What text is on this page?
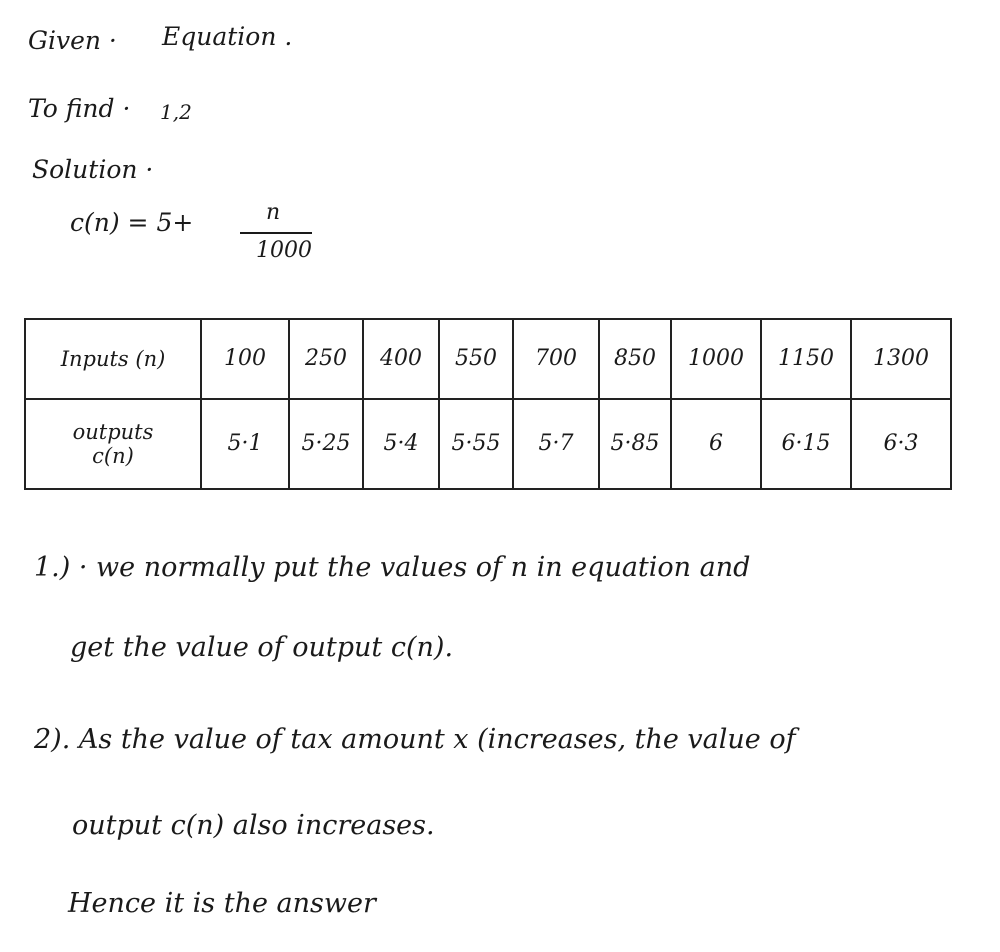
Given · Equation .
To find · 1,2
Solution ·
c(n) = 5+	n
1000
Inputs (n)	100	250	400	550	700	850	1000	1150	1300
outputs
c(n)	5·1	5·25	5·4	5·55	5·7	5·85	6	6·15	6·3
1.) · we normally put the values of n in equation and
get the value of output c(n).
2). As the value of tax amount x (increases, the value of
output c(n) also increases.
Hence it is the answer
